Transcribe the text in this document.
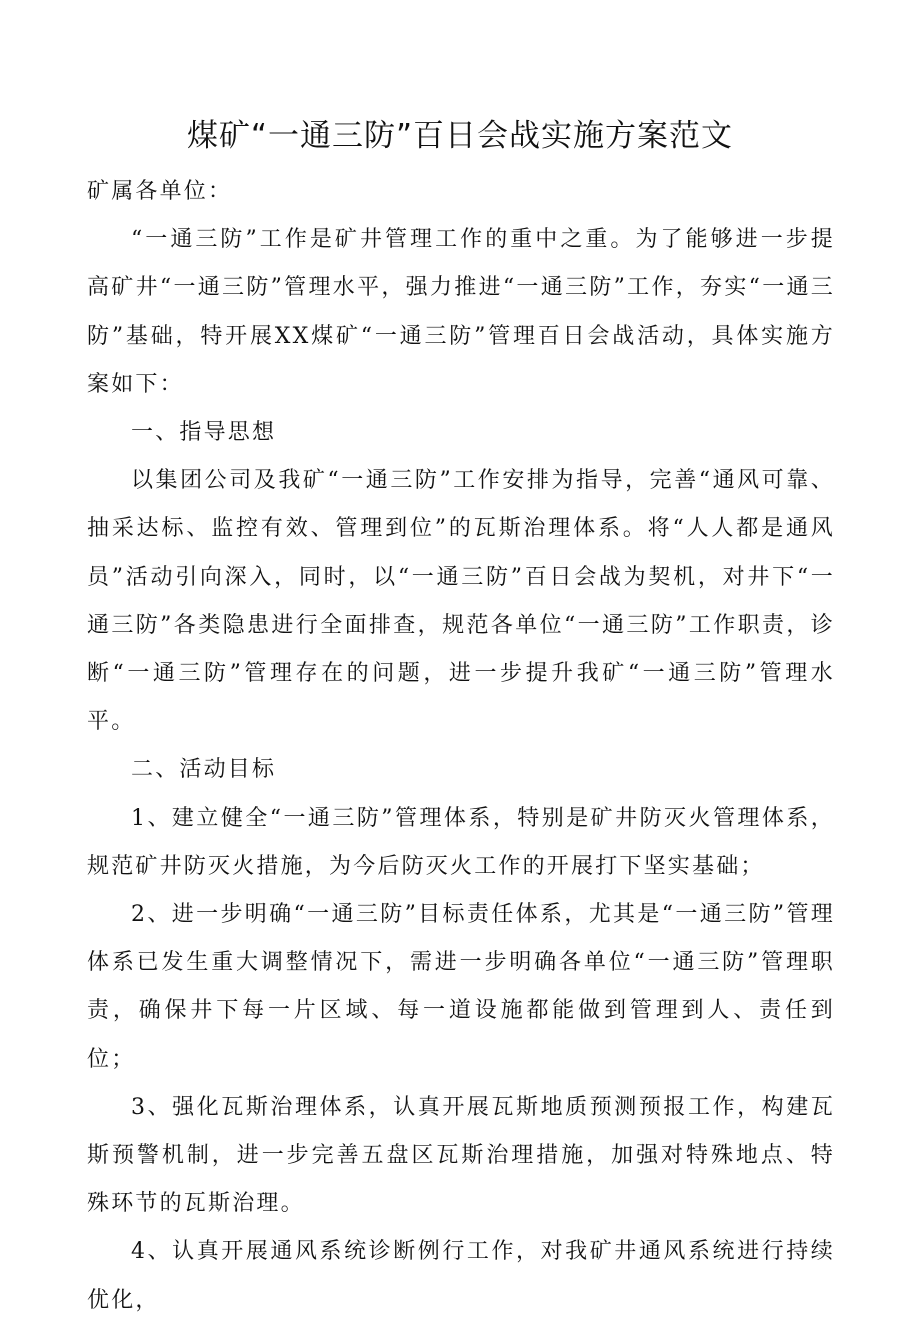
煤矿“一通三防”百日会战实施方案范文

矿属各单位：

“一通三防”工作是矿井管理工作的重中之重。为了能够进一步提高矿井“一通三防”管理水平，强力推进“一通三防”工作，夯实“一通三防”基础，特开展XX煤矿“一通三防”管理百日会战活动，具体实施方案如下：

一、指导思想

以集团公司及我矿“一通三防”工作安排为指导，完善“通风可靠、抽采达标、监控有效、管理到位”的瓦斯治理体系。将“人人都是通风员”活动引向深入，同时，以“一通三防”百日会战为契机，对井下“一通三防”各类隐患进行全面排查，规范各单位“一通三防”工作职责，诊断“一通三防”管理存在的问题，进一步提升我矿“一通三防”管理水平。

二、活动目标

1、建立健全“一通三防”管理体系，特别是矿井防灭火管理体系，规范矿井防灭火措施，为今后防灭火工作的开展打下坚实基础；

2、进一步明确“一通三防”目标责任体系，尤其是“一通三防”管理体系已发生重大调整情况下，需进一步明确各单位“一通三防”管理职责，确保井下每一片区域、每一道设施都能做到管理到人、责任到位；

3、强化瓦斯治理体系，认真开展瓦斯地质预测预报工作，构建瓦斯预警机制，进一步完善五盘区瓦斯治理措施，加强对特殊地点、特殊环节的瓦斯治理。

4、认真开展通风系统诊断例行工作，对我矿井通风系统进行持续优化，
